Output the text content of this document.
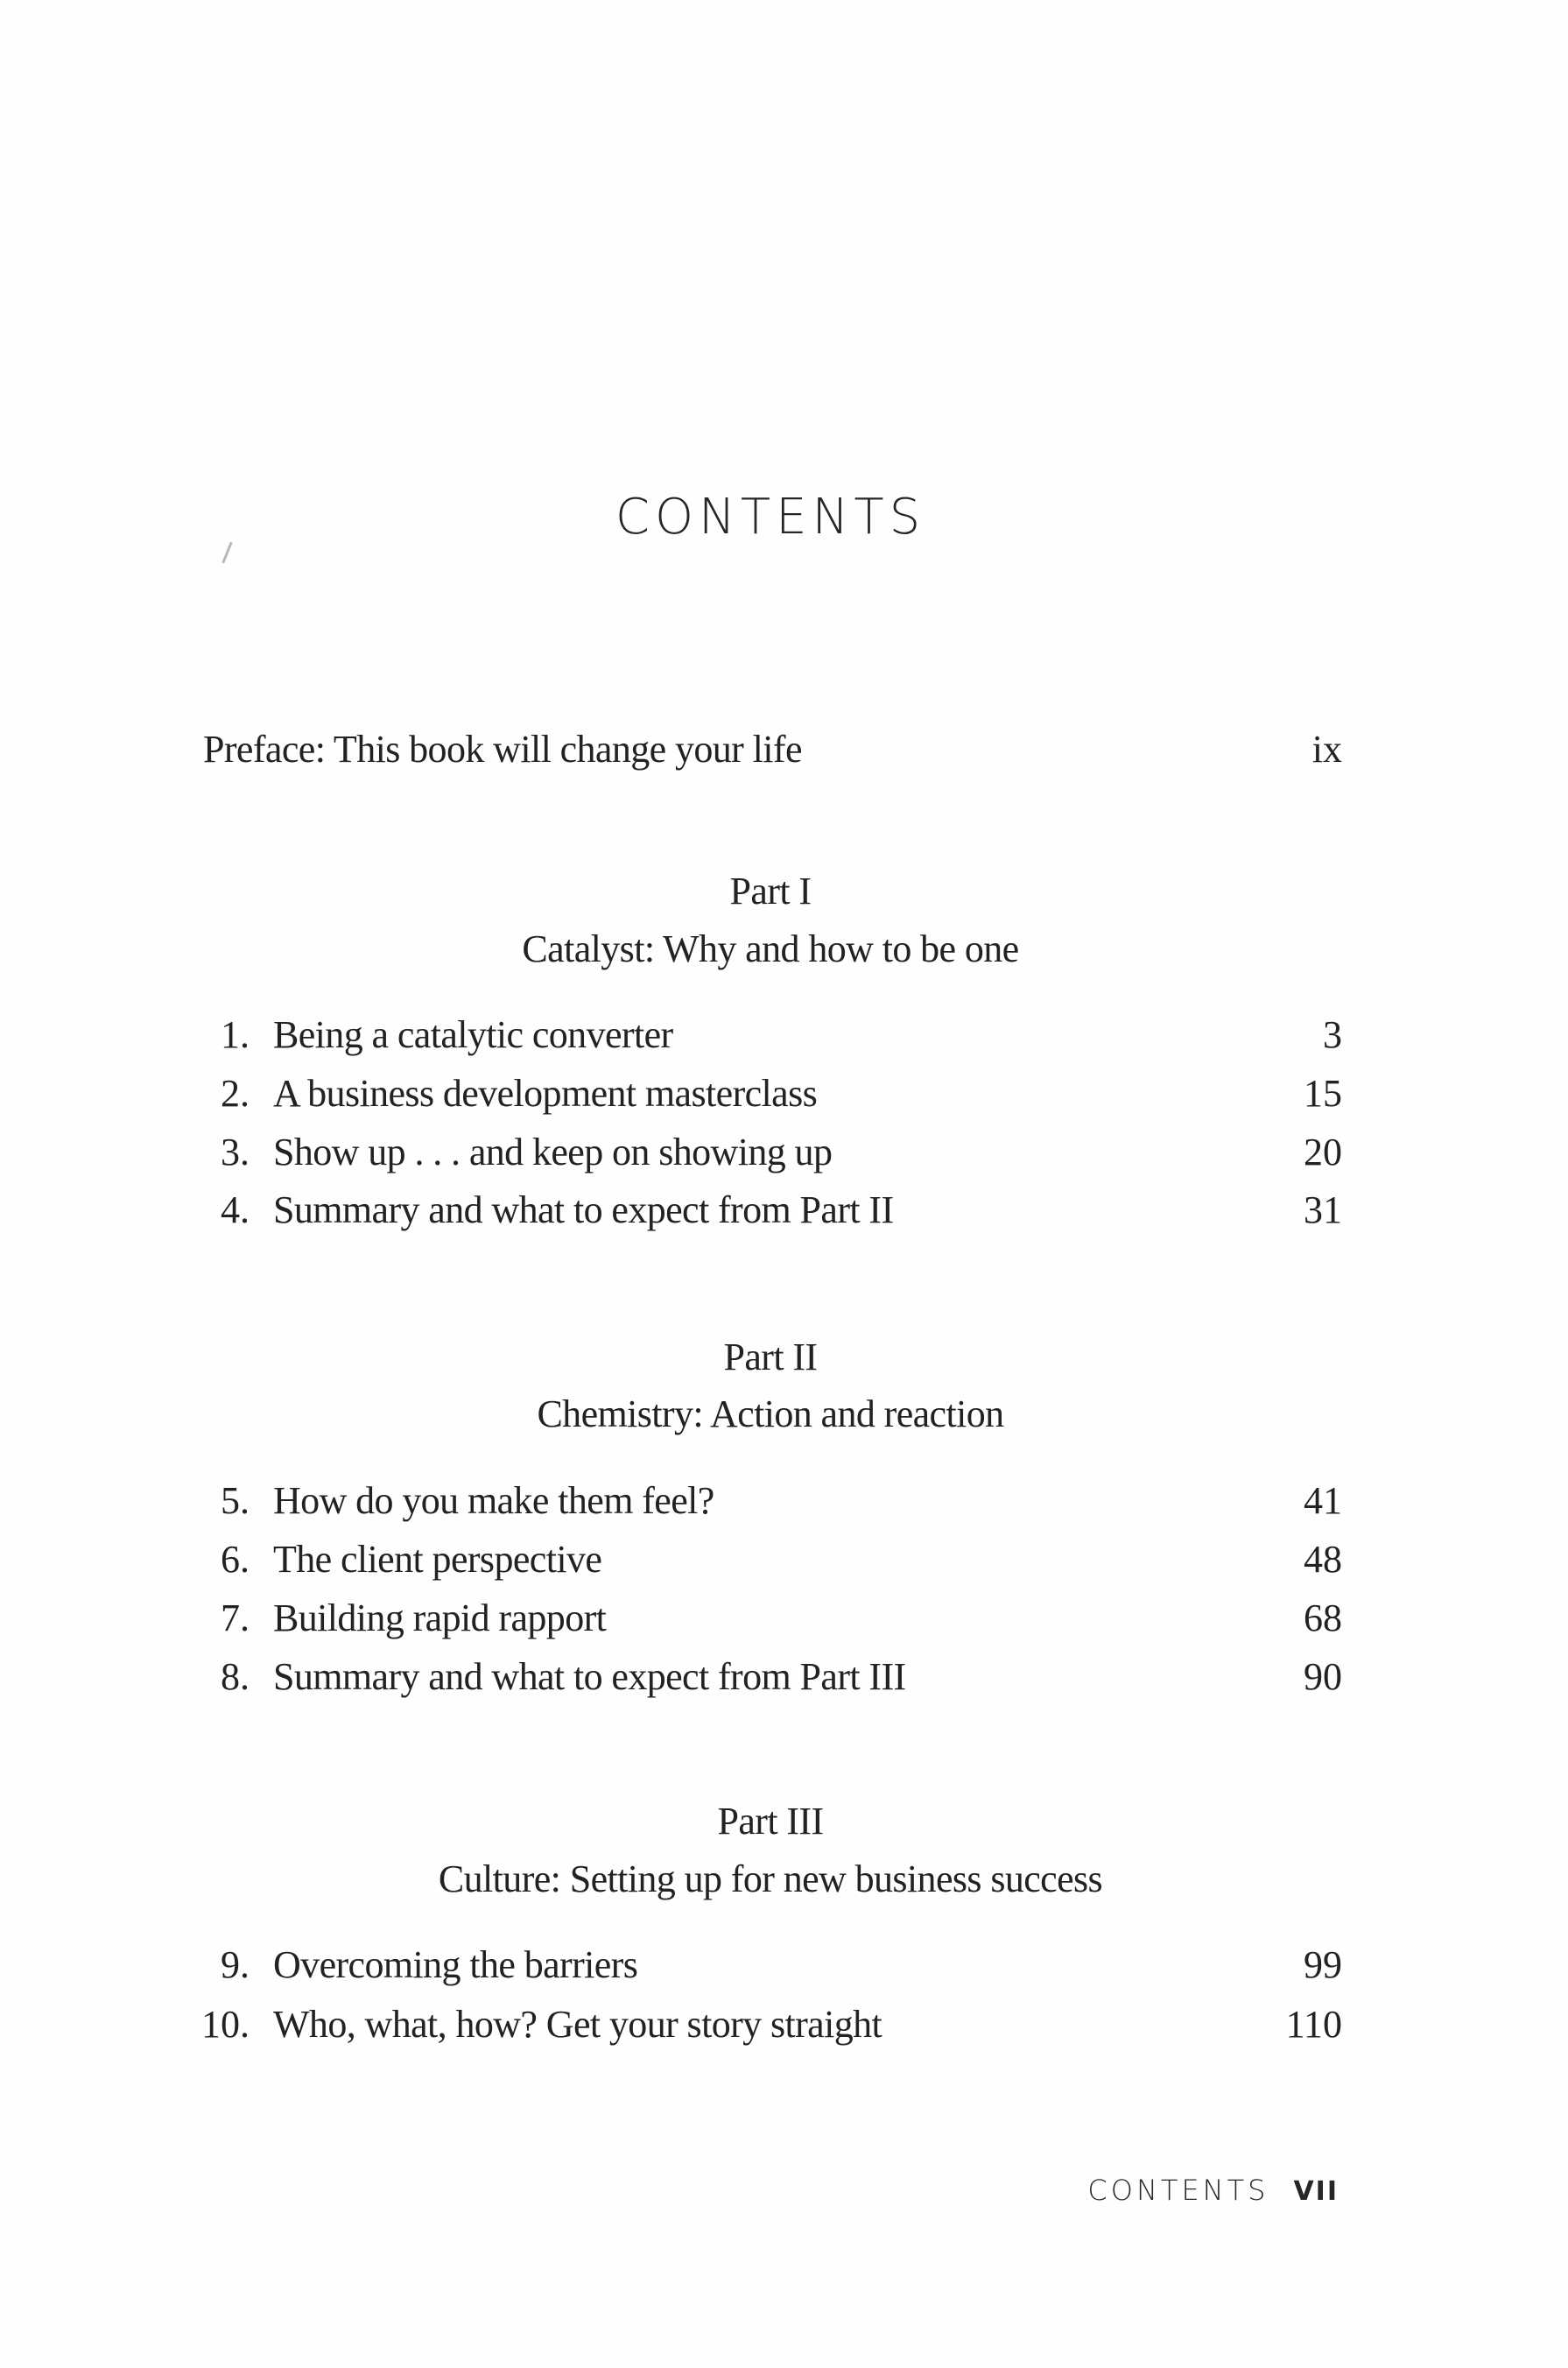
CONTENTS
Preface: This book will change your life	ix
Part I
Catalyst: Why and how to be one
1. Being a catalytic converter	3
2. A business development masterclass	15
3. Show up . . . and keep on showing up	20
4. Summary and what to expect from Part II	31
Part II
Chemistry: Action and reaction
5. How do you make them feel?	41
6. The client perspective	48
7. Building rapid rapport	68
8. Summary and what to expect from Part III	90
Part III
Culture: Setting up for new business success
9. Overcoming the barriers	99
10. Who, what, how? Get your story straight	110
CONTENTS VII
